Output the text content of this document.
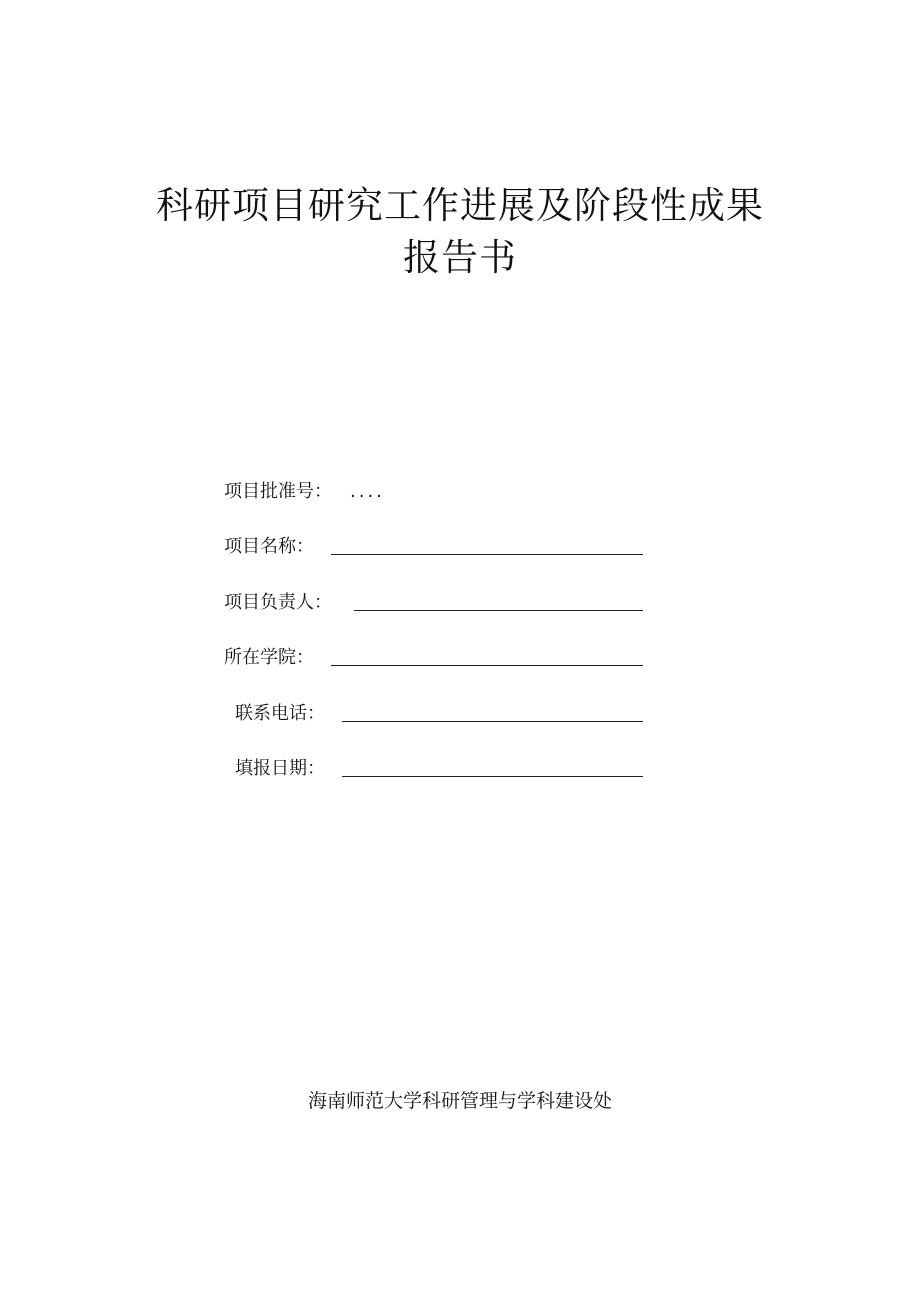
科研项目研究工作进展及阶段性成果
报告书
项目批准号： ....
项目名称：
项目负责人：
所在学院：
联系电话：
填报日期：
海南师范大学科研管理与学科建设处
